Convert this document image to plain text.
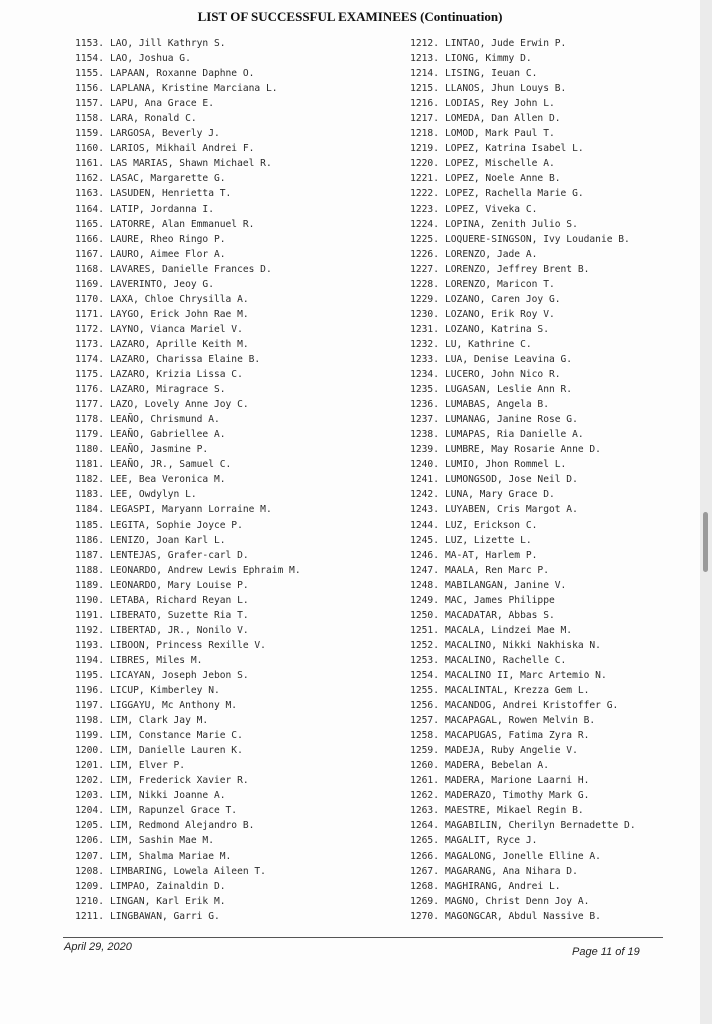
LIST OF SUCCESSFUL EXAMINEES (Continuation)
1153. LAO, Jill Kathryn S.
1154. LAO, Joshua G.
1155. LAPAAN, Roxanne Daphne O.
1156. LAPLANA, Kristine Marciana L.
1157. LAPU, Ana Grace E.
1158. LARA, Ronald C.
1159. LARGOSA, Beverly J.
1160. LARIOS, Mikhail Andrei F.
1161. LAS MARIAS, Shawn Michael R.
1162. LASAC, Margarette G.
1163. LASUDEN, Henrietta T.
1164. LATIP, Jordanna I.
1165. LATORRE, Alan Emmanuel R.
1166. LAURE, Rheo Ringo P.
1167. LAURO, Aimee Flor A.
1168. LAVARES, Danielle Frances D.
1169. LAVERINTO, Jeoy G.
1170. LAXA, Chloe Chrysilla A.
1171. LAYGO, Erick John Rae M.
1172. LAYNO, Vianca Mariel V.
1173. LAZARO, Aprille Keith M.
1174. LAZARO, Charissa Elaine B.
1175. LAZARO, Krizia Lissa C.
1176. LAZARO, Miragrace S.
1177. LAZO, Lovely Anne Joy C.
1178. LEAÑO, Chrismund A.
1179. LEAÑO, Gabriellee A.
1180. LEAÑO, Jasmine P.
1181. LEAÑO, JR., Samuel C.
1182. LEE, Bea Veronica M.
1183. LEE, Owdylyn L.
1184. LEGASPI, Maryann Lorraine M.
1185. LEGITA, Sophie Joyce P.
1186. LENIZO, Joan Karl L.
1187. LENTEJAS, Grafer-carl D.
1188. LEONARDO, Andrew Lewis Ephraim M.
1189. LEONARDO, Mary Louise P.
1190. LETABA, Richard Reyan L.
1191. LIBERATO, Suzette Ria T.
1192. LIBERTAD, JR., Nonilo V.
1193. LIBOON, Princess Rexille V.
1194. LIBRES, Miles M.
1195. LICAYAN, Joseph Jebon S.
1196. LICUP, Kimberley N.
1197. LIGGAYU, Mc Anthony M.
1198. LIM, Clark Jay M.
1199. LIM, Constance Marie C.
1200. LIM, Danielle Lauren K.
1201. LIM, Elver P.
1202. LIM, Frederick Xavier R.
1203. LIM, Nikki Joanne A.
1204. LIM, Rapunzel Grace T.
1205. LIM, Redmond Alejandro B.
1206. LIM, Sashin Mae M.
1207. LIM, Shalma Mariae M.
1208. LIMBARING, Lowela Aileen T.
1209. LIMPAO, Zainaldin D.
1210. LINGAN, Karl Erik M.
1211. LINGBAWAN, Garri G.
1212. LINTAO, Jude Erwin P.
1213. LIONG, Kimmy D.
1214. LISING, Ieuan C.
1215. LLANOS, Jhun Louys B.
1216. LODIAS, Rey John L.
1217. LOMEDA, Dan Allen D.
1218. LOMOD, Mark Paul T.
1219. LOPEZ, Katrina Isabel L.
1220. LOPEZ, Mischelle A.
1221. LOPEZ, Noele Anne B.
1222. LOPEZ, Rachella Marie G.
1223. LOPEZ, Viveka C.
1224. LOPINA, Zenith Julio S.
1225. LOQUERE-SINGSON, Ivy Loudanie B.
1226. LORENZO, Jade A.
1227. LORENZO, Jeffrey Brent B.
1228. LORENZO, Maricon T.
1229. LOZANO, Caren Joy G.
1230. LOZANO, Erik Roy V.
1231. LOZANO, Katrina S.
1232. LU, Kathrine C.
1233. LUA, Denise Leavina G.
1234. LUCERO, John Nico R.
1235. LUGASAN, Leslie Ann R.
1236. LUMABAS, Angela B.
1237. LUMANAG, Janine Rose G.
1238. LUMAPAS, Ria Danielle A.
1239. LUMBRE, May Rosarie Anne D.
1240. LUMIO, Jhon Rommel L.
1241. LUMONGSOD, Jose Neil D.
1242. LUNA, Mary Grace D.
1243. LUYABEN, Cris Margot A.
1244. LUZ, Erickson C.
1245. LUZ, Lizette L.
1246. MA-AT, Harlem P.
1247. MAALA, Ren Marc P.
1248. MABILANGAN, Janine V.
1249. MAC, James Philippe
1250. MACADATAR, Abbas S.
1251. MACALA, Lindzei Mae M.
1252. MACALINO, Nikki Nakhiska N.
1253. MACALINO, Rachelle C.
1254. MACALINO II, Marc Artemio N.
1255. MACALINTAL, Krezza Gem L.
1256. MACANDOG, Andrei Kristoffer G.
1257. MACAPAGAL, Rowen Melvin B.
1258. MACAPUGAS, Fatima Zyra R.
1259. MADEJA, Ruby Angelie V.
1260. MADERA, Bebelan A.
1261. MADERA, Marione Laarni H.
1262. MADERAZO, Timothy Mark G.
1263. MAESTRE, Mikael Regin B.
1264. MAGABILIN, Cherilyn Bernadette D.
1265. MAGALIT, Ryce J.
1266. MAGALONG, Jonelle Elline A.
1267. MAGARANG, Ana Nihara D.
1268. MAGHIRANG, Andrei L.
1269. MAGNO, Christ Denn Joy A.
1270. MAGONGCAR, Abdul Nassive B.
April 29, 2020	Page 11 of 19
